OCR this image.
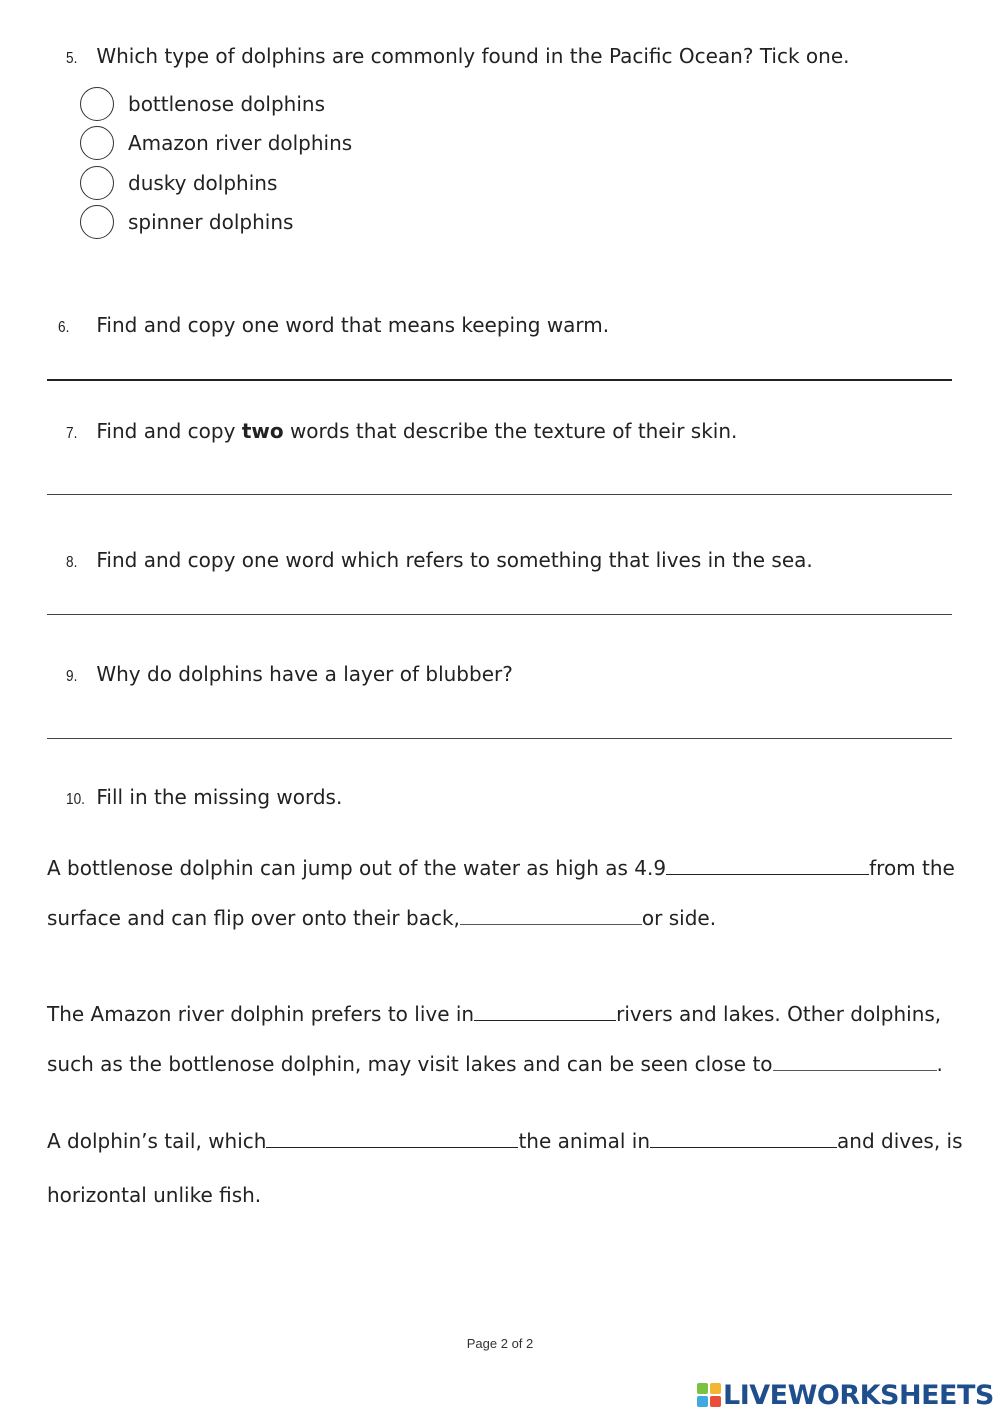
5. Which type of dolphins are commonly found in the Pacific Ocean? Tick one.
bottlenose dolphins
Amazon river dolphins
dusky dolphins
spinner dolphins
6. Find and copy one word that means keeping warm.
7. Find and copy two words that describe the texture of their skin.
8. Find and copy one word which refers to something that lives in the sea.
9. Why do dolphins have a layer of blubber?
10. Fill in the missing words.
A bottlenose dolphin can jump out of the water as high as 4.9	from the
surface and can flip over onto their back,	or side.
The Amazon river dolphin prefers to live in	rivers and lakes. Other dolphins,
such as the bottlenose dolphin, may visit lakes and can be seen close to	.
A dolphin’s tail, which	the animal in	and dives, is
horizontal unlike fish.
Page 2 of 2
LIVEWORKSHEETS
